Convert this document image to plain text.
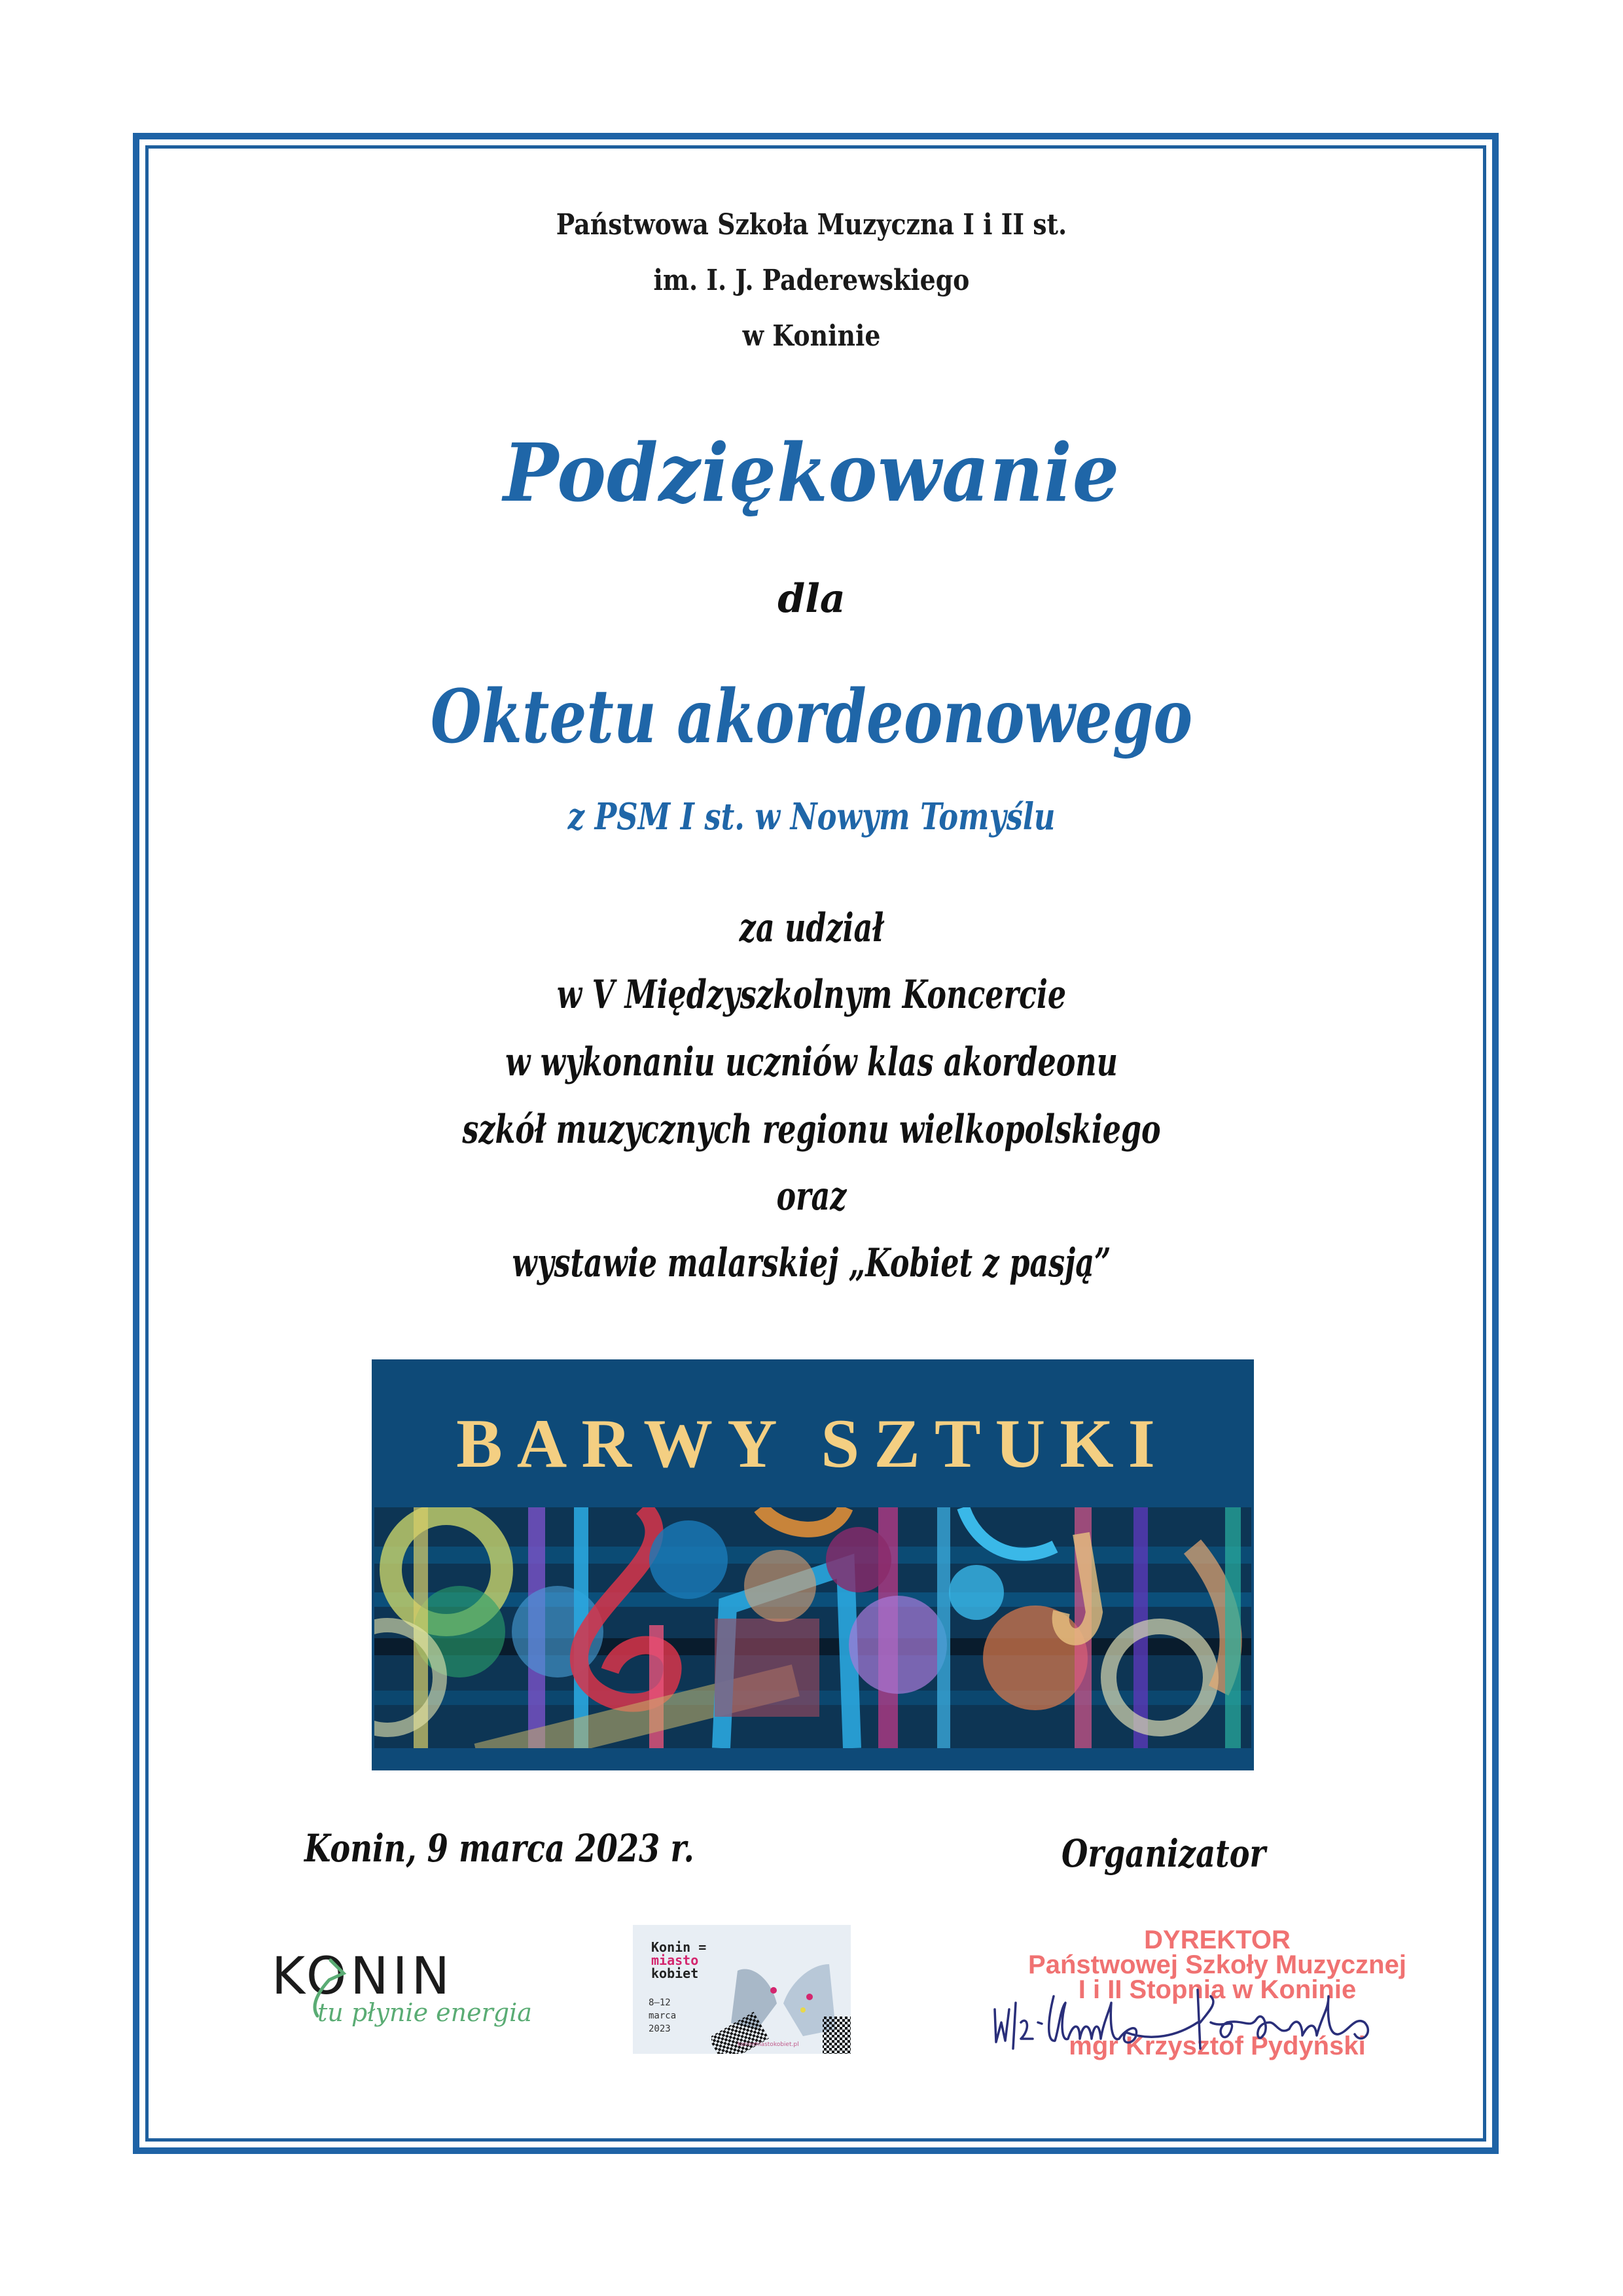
Państwowa Szkoła Muzyczna I i II st.
im. I. J. Paderewskiego
w Koninie
Podziękowanie
dla
Oktetu akordeonowego
z PSM I st. w Nowym Tomyślu
za udział
w V Międzyszkolnym Koncercie
w wykonaniu uczniów klas akordeonu
szkół muzycznych regionu wielkopolskiego
oraz
wystawie malarskiej „Kobiet z pasją”
BARWY SZTUKI
Konin, 9 marca 2023 r.	Organizator
KONIN
tu płynie energia
Konin =
miasto
kobiet
8—12
marca
2023
koninmiastokobiet.pl
DYREKTOR
Państwowej Szkoły Muzycznej
I i II Stopnia w Koninie
mgr Krzysztof Pydyński
